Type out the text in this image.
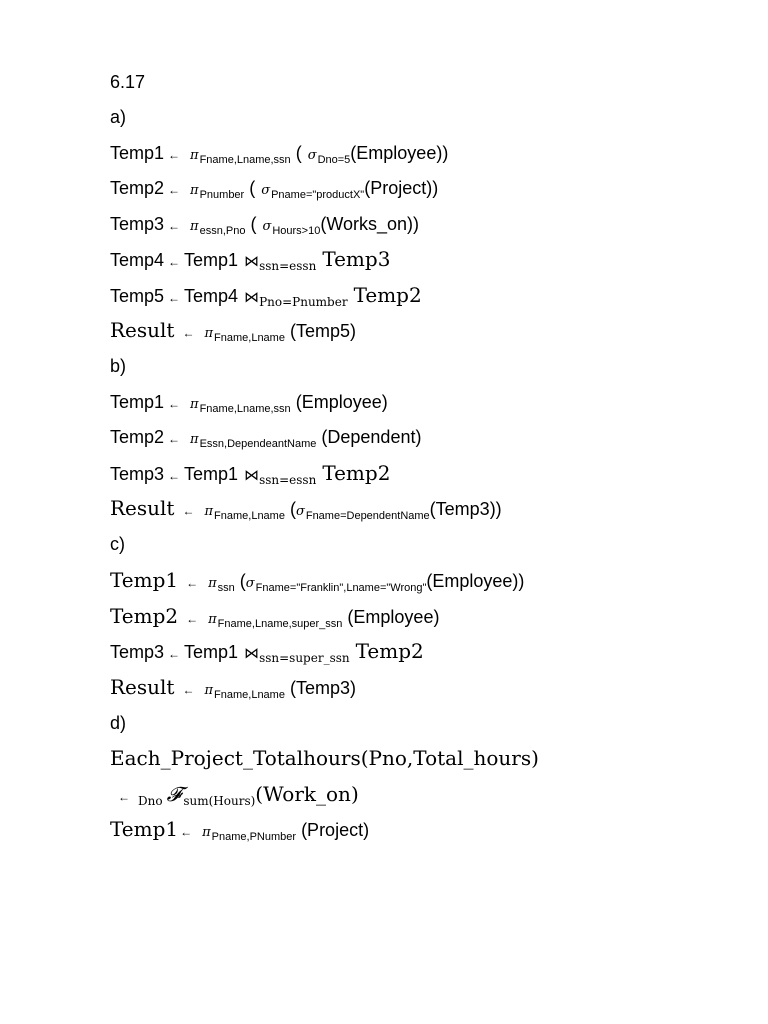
6.17
a)
Temp1 ← $\pi_{Fname,Lname,ssn}$ ( $\sigma_{Dno=5}(Employee)$)
Temp2 ← $\pi_{Pnumber}$ ( $\sigma_{Pname="productX"}(Project)$)
Temp3 ← $\pi_{essn,Pno}$ ( $\sigma_{Hours>10}(Works\_on)$)
Temp4 ← Temp1 $⋈_{ssn=essn}$ Temp3
Temp5 ← Temp4 $⋈_{Pno=Pnumber}$ Temp2
Result ← $\pi_{Fname,Lname}$ (Temp5)
b)
Temp1 ← $\pi_{Fname,Lname,ssn}$ (Employee)
Temp2 ← $\pi_{Essn,DependeantName}$ (Dependent)
Temp3 ← Temp1 $⋈_{ssn=essn}$ Temp2
Result ← $\pi_{Fname,Lname}$ $(\sigma_{Fname=DependentName}(Temp3))$
c)
Temp1 ← $\pi_{ssn}$ $(\sigma_{Fname="Franklin",Lname="Wrong"}(Employee))$
Temp2 ← $\pi_{Fname,Lname,super\_ssn}$ (Employee)
Temp3 ← Temp1 $⋈_{ssn=super\_ssn}$ Temp2
Result ← $\pi_{Fname,Lname}$ (Temp3)
d)
Each_Project_Totalhours(Pno,Total_hours)
← $_{Dno}$ 𝓕 $_{sum(Hours)}$(Work_on)
Temp1 ← $\pi_{Pname,PNumber}$ (Project)
